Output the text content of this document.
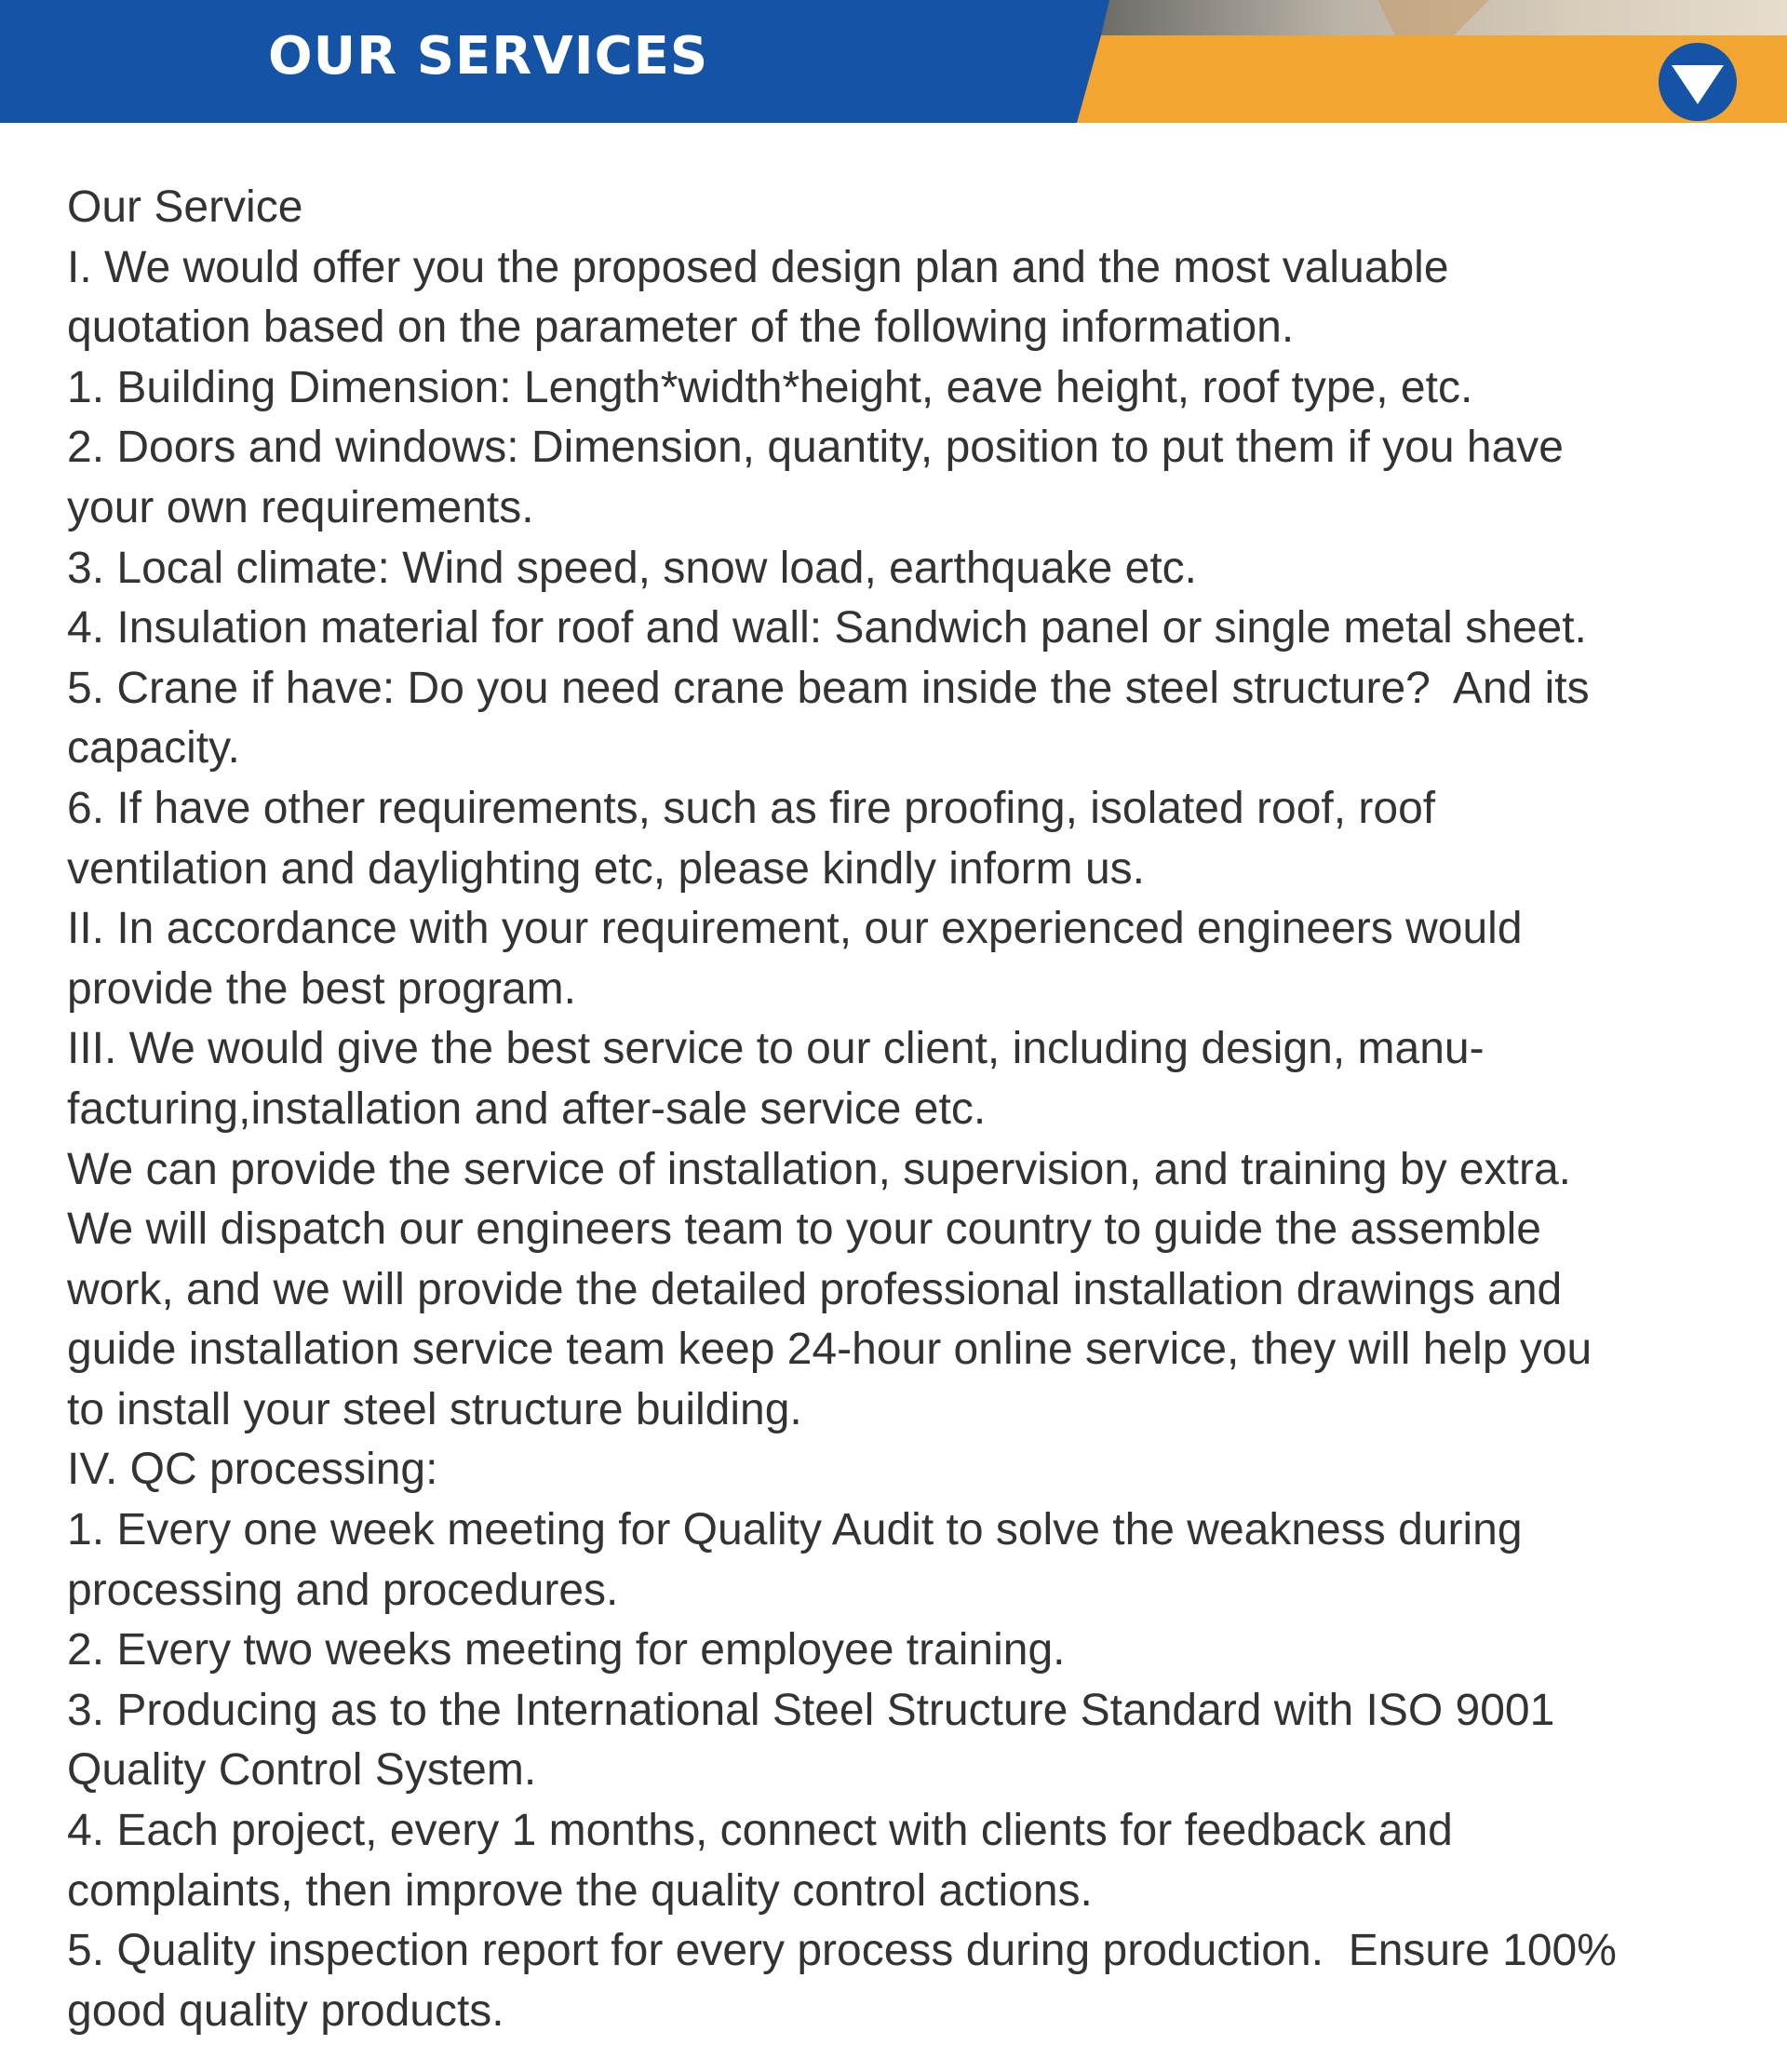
OUR SERVICES

Our Service

I. We would offer you the proposed design plan and the most valuable

quotation based on the parameter of the following information.

1. Building Dimension: Length*width*height, eave height, roof type, etc.

2. Doors and windows: Dimension, quantity, position to put them if you have

your own requirements.

3. Local climate: Wind speed, snow load, earthquake etc.

4. Insulation material for roof and wall: Sandwich panel or single metal sheet.

5. Crane if have: Do you need crane beam inside the steel structure?  And its

capacity.

6. If have other requirements, such as fire proofing, isolated roof, roof

ventilation and daylighting etc, please kindly inform us.

II. In accordance with your requirement, our experienced engineers would

provide the best program.

III. We would give the best service to our client, including design, manu-

facturing,installation and after-sale service etc.

We can provide the service of installation, supervision, and training by extra.

We will dispatch our engineers team to your country to guide the assemble

work, and we will provide the detailed professional installation drawings and

guide installation service team keep 24-hour online service, they will help you

to install your steel structure building.

IV. QC processing:

1. Every one week meeting for Quality Audit to solve the weakness during

processing and procedures.

2. Every two weeks meeting for employee training.

3. Producing as to the International Steel Structure Standard with ISO 9001

Quality Control System.

4. Each project, every 1 months, connect with clients for feedback and

complaints, then improve the quality control actions.

5. Quality inspection report for every process during production.  Ensure 100%

good quality products.
